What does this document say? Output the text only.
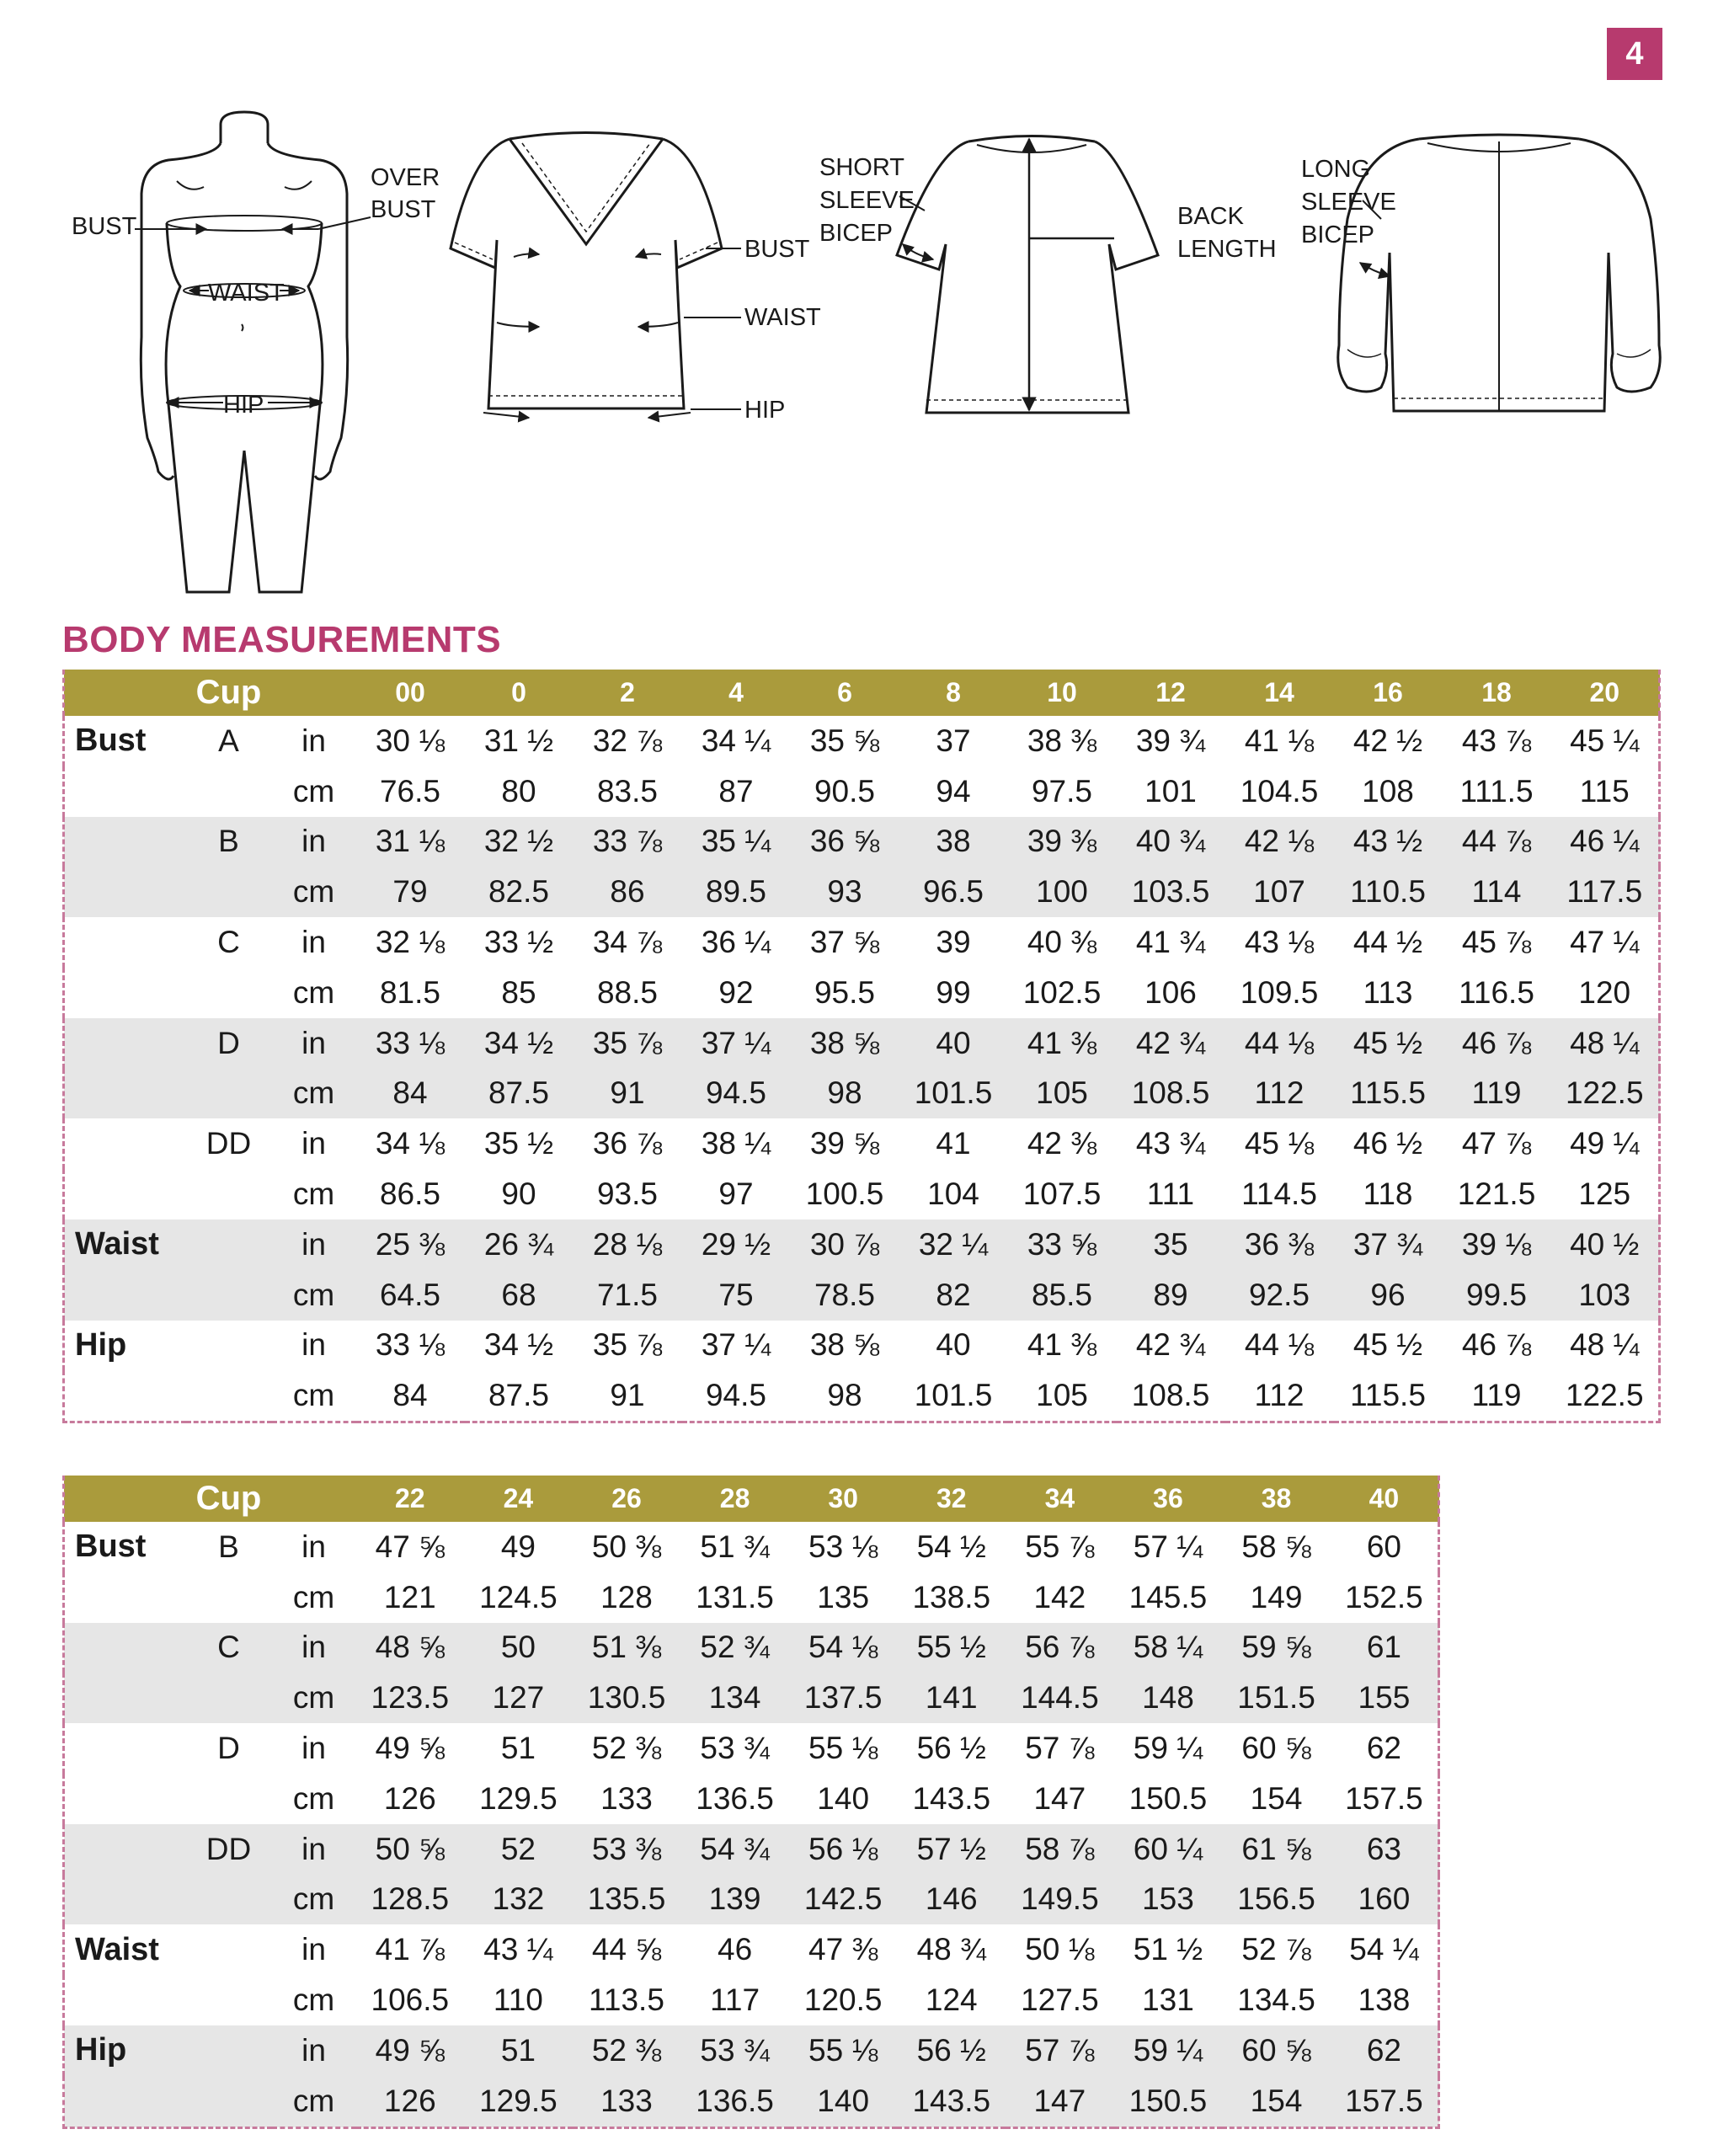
4
OVER
BUST
BUST
WAIST
HIP
BUST
WAIST
HIP
SHORT
SLEEVE
BICEP
BACK
LENGTH
LONG
SLEEVE
BICEP
BODY MEASUREMENTS
	Cup		00	0	2	4	6	8	10	12	14	16	18	20
Bust	A	in	30 ⅛	31 ½	32 ⅞	34 ¼	35 ⅝	37	38 ⅜	39 ¾	41 ⅛	42 ½	43 ⅞	45 ¼
		cm	76.5	80	83.5	87	90.5	94	97.5	101	104.5	108	111.5	115
	B	in	31 ⅛	32 ½	33 ⅞	35 ¼	36 ⅝	38	39 ⅜	40 ¾	42 ⅛	43 ½	44 ⅞	46 ¼
		cm	79	82.5	86	89.5	93	96.5	100	103.5	107	110.5	114	117.5
	C	in	32 ⅛	33 ½	34 ⅞	36 ¼	37 ⅝	39	40 ⅜	41 ¾	43 ⅛	44 ½	45 ⅞	47 ¼
		cm	81.5	85	88.5	92	95.5	99	102.5	106	109.5	113	116.5	120
	D	in	33 ⅛	34 ½	35 ⅞	37 ¼	38 ⅝	40	41 ⅜	42 ¾	44 ⅛	45 ½	46 ⅞	48 ¼
		cm	84	87.5	91	94.5	98	101.5	105	108.5	112	115.5	119	122.5
	DD	in	34 ⅛	35 ½	36 ⅞	38 ¼	39 ⅝	41	42 ⅜	43 ¾	45 ⅛	46 ½	47 ⅞	49 ¼
		cm	86.5	90	93.5	97	100.5	104	107.5	111	114.5	118	121.5	125
Waist		in	25 ⅜	26 ¾	28 ⅛	29 ½	30 ⅞	32 ¼	33 ⅝	35	36 ⅜	37 ¾	39 ⅛	40 ½
		cm	64.5	68	71.5	75	78.5	82	85.5	89	92.5	96	99.5	103
Hip		in	33 ⅛	34 ½	35 ⅞	37 ¼	38 ⅝	40	41 ⅜	42 ¾	44 ⅛	45 ½	46 ⅞	48 ¼
		cm	84	87.5	91	94.5	98	101.5	105	108.5	112	115.5	119	122.5
	Cup		22	24	26	28	30	32	34	36	38	40
Bust	B	in	47 ⅝	49	50 ⅜	51 ¾	53 ⅛	54 ½	55 ⅞	57 ¼	58 ⅝	60
		cm	121	124.5	128	131.5	135	138.5	142	145.5	149	152.5
	C	in	48 ⅝	50	51 ⅜	52 ¾	54 ⅛	55 ½	56 ⅞	58 ¼	59 ⅝	61
		cm	123.5	127	130.5	134	137.5	141	144.5	148	151.5	155
	D	in	49 ⅝	51	52 ⅜	53 ¾	55 ⅛	56 ½	57 ⅞	59 ¼	60 ⅝	62
		cm	126	129.5	133	136.5	140	143.5	147	150.5	154	157.5
	DD	in	50 ⅝	52	53 ⅜	54 ¾	56 ⅛	57 ½	58 ⅞	60 ¼	61 ⅝	63
		cm	128.5	132	135.5	139	142.5	146	149.5	153	156.5	160
Waist		in	41 ⅞	43 ¼	44 ⅝	46	47 ⅜	48 ¾	50 ⅛	51 ½	52 ⅞	54 ¼
		cm	106.5	110	113.5	117	120.5	124	127.5	131	134.5	138
Hip		in	49 ⅝	51	52 ⅜	53 ¾	55 ⅛	56 ½	57 ⅞	59 ¼	60 ⅝	62
		cm	126	129.5	133	136.5	140	143.5	147	150.5	154	157.5
